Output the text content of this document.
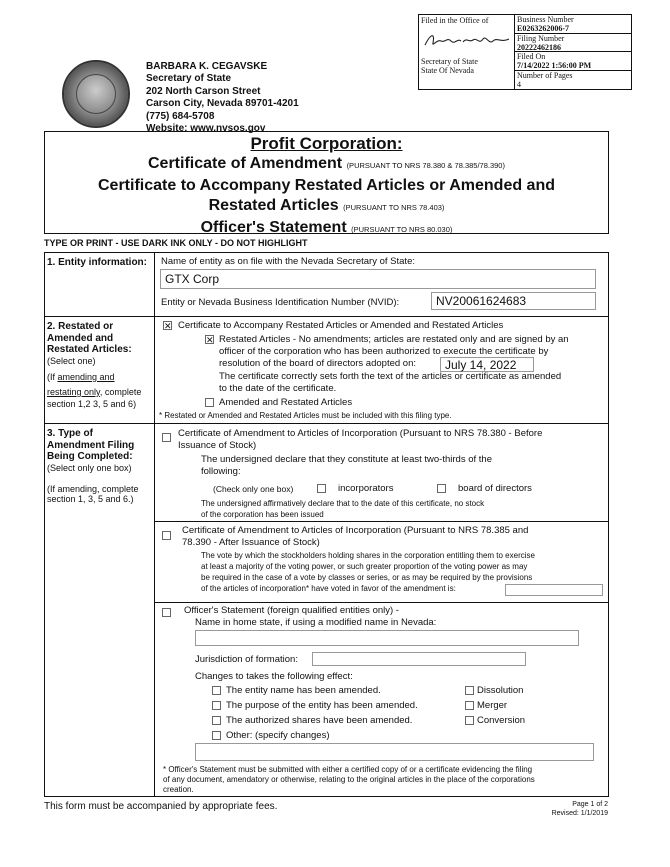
BARBARA K. CEGAVSKE
Secretary of State
202 North Carson Street
Carson City, Nevada 89701-4201
(775) 684-5708
Website: www.nvsos.gov
Filed in the Office of
Secretary of State
State Of Nevada
Business Number
E0263262006-7
Filing Number
20222462186
Filed On
7/14/2022 1:56:00 PM
Number of Pages
4
Profit Corporation:
Certificate of Amendment (PURSUANT TO NRS 78.380 & 78.385/78.390)
Certificate to Accompany Restated Articles or Amended and
Restated Articles (PURSUANT TO NRS 78.403)
Officer's Statement (PURSUANT TO NRS 80.030)
TYPE OR PRINT - USE DARK INK ONLY - DO NOT HIGHLIGHT
1. Entity information: Name of entity as on file with the Nevada Secretary of State:
GTX Corp
Entity or Nevada Business Identification Number (NVID):	NV20061624683
2. Restated or
Amended and
Restated Articles:
(Select one)
(If amending and
restating only, complete
section 1,2 3, 5 and 6)
✕ Certificate to Accompany Restated Articles or Amended and Restated Articles
✕ Restated Articles - No amendments; articles are restated only and are signed by an
officer of the corporation who has been authorized to execute the certificate by
resolution of the board of directors adopted on:	July 14, 2022
The certificate correctly sets forth the text of the articles or certificate as amended
to the date of the certificate.
Amended and Restated Articles
* Restated or Amended and Restated Articles must be included with this filing type.
3. Type of
Amendment Filing
Being Completed:
(Select only one box)
(If amending, complete
section 1, 3, 5 and 6.)
Certificate of Amendment to Articles of Incorporation (Pursuant to NRS 78.380 - Before
Issuance of Stock)
The undersigned declare that they constitute at least two-thirds of the
following:
(Check only one box)	incorporators	board of directors
The undersigned affirmatively declare that to the date of this certificate, no stock
of the corporation has been issued
Certificate of Amendment to Articles of Incorporation (Pursuant to NRS 78.385 and
78.390 - After Issuance of Stock)
The vote by which the stockholders holding shares in the corporation entitling them to exercise
at least a majority of the voting power, or such greater proportion of the voting power as may
be required in the case of a vote by classes or series, or as may be required by the provisions
of the articles of incorporation* have voted in favor of the amendment is:
Officer's Statement (foreign qualified entities only) -
Name in home state, if using a modified name in Nevada:
Jurisdiction of formation:
Changes to takes the following effect:
The entity name has been amended.
The purpose of the entity has been amended.
The authorized shares have been amended.
Other: (specify changes)
Dissolution
Merger
Conversion
* Officer's Statement must be submitted with either a certified copy of or a certificate evidencing the filing
of any document, amendatory or otherwise, relating to the original articles in the place of the corporations
creation.
This form must be accompanied by appropriate fees.	Page 1 of 2
Revised: 1/1/2019
